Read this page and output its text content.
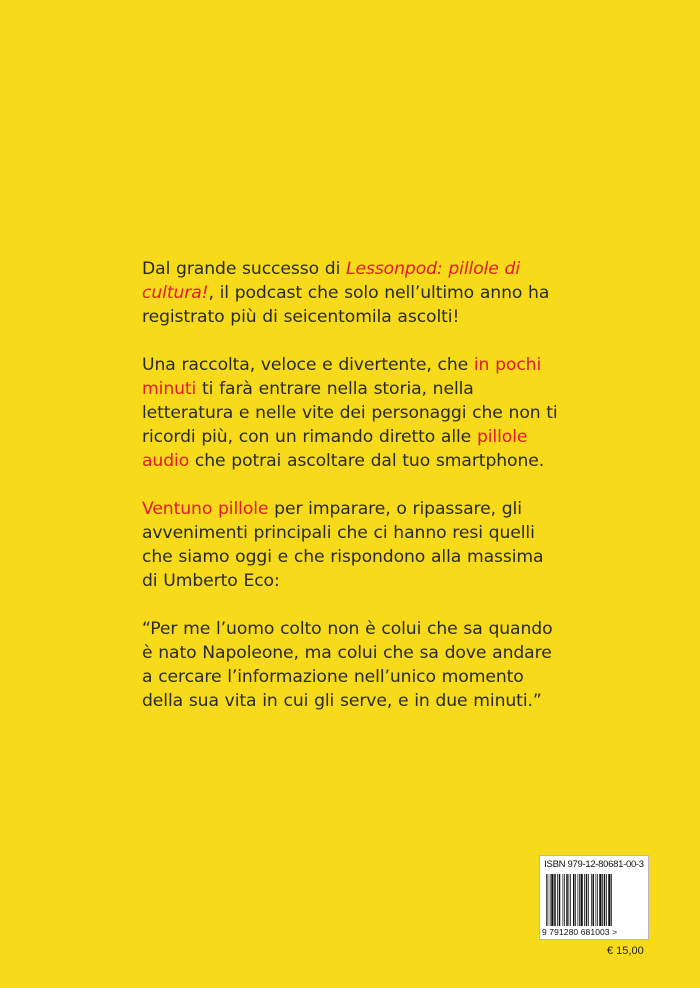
Dal grande successo di Lessonpod: pillole di cultura!, il podcast che solo nell’ultimo anno ha registrato più di seicentomila ascolti!

Una raccolta, veloce e divertente, che in pochi minuti ti farà entrare nella storia, nella letteratura e nelle vite dei personaggi che non ti ricordi più, con un rimando diretto alle pillole audio che potrai ascoltare dal tuo smartphone.

Ventuno pillole per imparare, o ripassare, gli avvenimenti principali che ci hanno resi quelli che siamo oggi e che rispondono alla massima di Umberto Eco:

“Per me l’uomo colto non è colui che sa quando è nato Napoleone, ma colui che sa dove andare a cercare l’informazione nell’unico momento della sua vita in cui gli serve, e in due minuti.”

ISBN 979-12-80681-00-3
9 791280 681003 >
€ 15,00
